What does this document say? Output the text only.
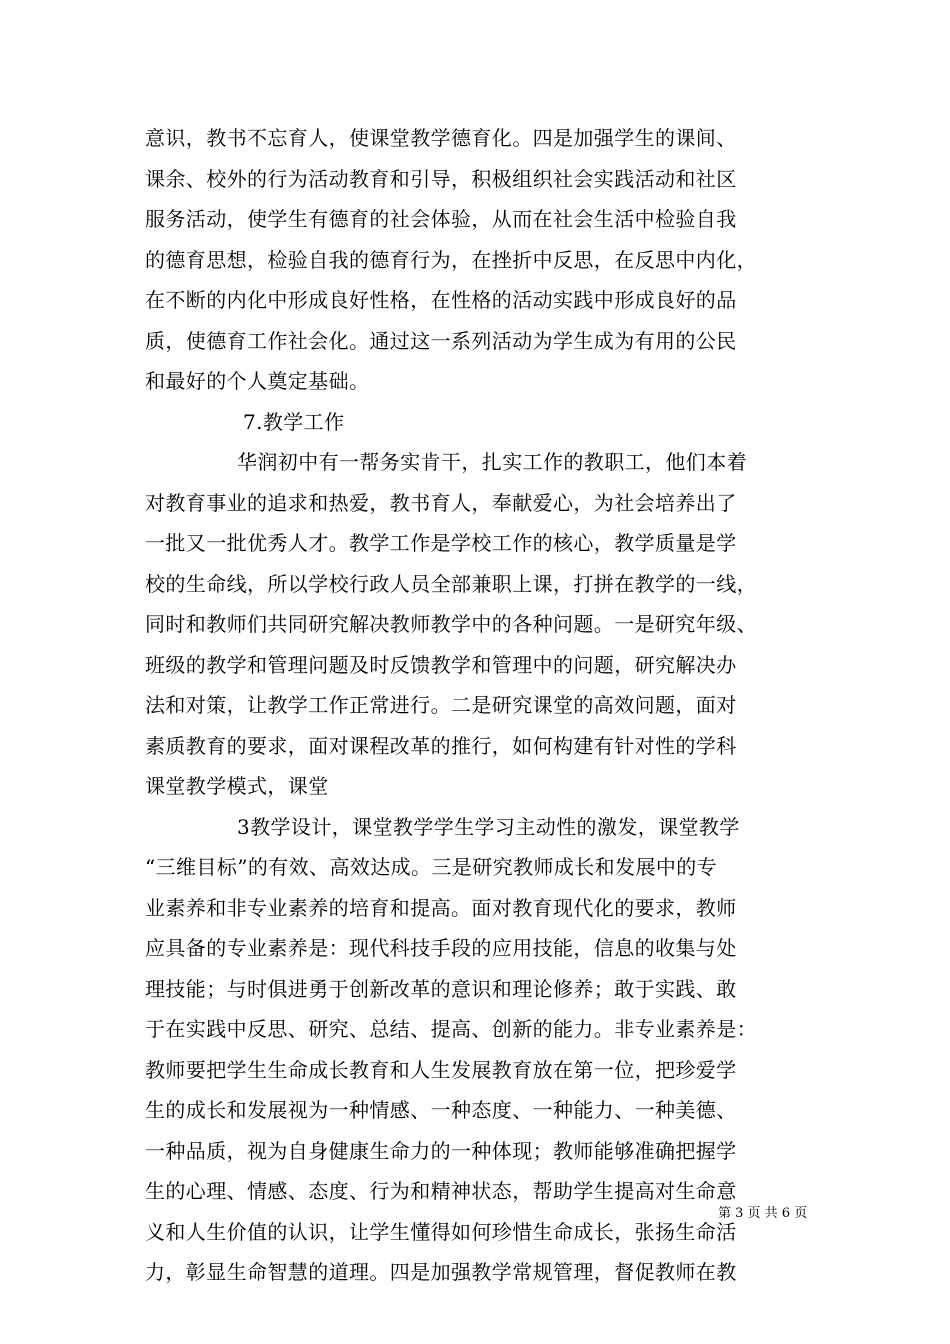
意识，教书不忘育人，使课堂教学德育化。四是加强学生的课间、
课余、校外的行为活动教育和引导，积极组织社会实践活动和社区
服务活动，使学生有德育的社会体验，从而在社会生活中检验自我
的德育思想，检验自我的德育行为，在挫折中反思，在反思中内化，
在不断的内化中形成良好性格，在性格的活动实践中形成良好的品
质，使德育工作社会化。通过这一系列活动为学生成为有用的公民
和最好的个人奠定基础。
7.教学工作
华润初中有一帮务实肯干，扎实工作的教职工，他们本着
对教育事业的追求和热爱，教书育人，奉献爱心，为社会培养出了
一批又一批优秀人才。教学工作是学校工作的核心，教学质量是学
校的生命线，所以学校行政人员全部兼职上课，打拼在教学的一线，
同时和教师们共同研究解决教师教学中的各种问题。一是研究年级、
班级的教学和管理问题及时反馈教学和管理中的问题，研究解决办
法和对策，让教学工作正常进行。二是研究课堂的高效问题，面对
素质教育的要求，面对课程改革的推行，如何构建有针对性的学科
课堂教学模式，课堂
3教学设计，课堂教学学生学习主动性的激发，课堂教学
“三维目标”的有效、高效达成。三是研究教师成长和发展中的专
业素养和非专业素养的培育和提高。面对教育现代化的要求，教师
应具备的专业素养是：现代科技手段的应用技能，信息的收集与处
理技能；与时俱进勇于创新改革的意识和理论修养；敢于实践、敢
于在实践中反思、研究、总结、提高、创新的能力。非专业素养是：
教师要把学生生命成长教育和人生发展教育放在第一位，把珍爱学
生的成长和发展视为一种情感、一种态度、一种能力、一种美德、
一种品质，视为自身健康生命力的一种体现；教师能够准确把握学
生的心理、情感、态度、行为和精神状态，帮助学生提高对生命意
义和人生价值的认识，让学生懂得如何珍惜生命成长，张扬生命活
力，彰显生命智慧的道理。四是加强教学常规管理，督促教师在教
第 3 页 共 6 页
